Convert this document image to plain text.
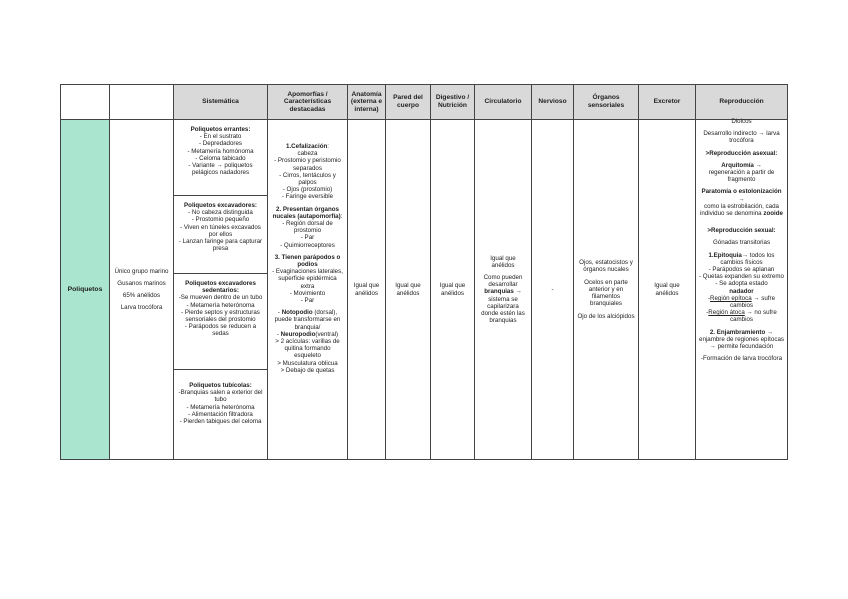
Sistemática
Apomorfías / Características destacadas
Anatomía (externa e interna)
Pared del cuerpo
Digestivo / Nutrición
Circulatorio	Nervioso
Órganos sensoriales
Excretor	Reproducción
Poliquetos

Único grupo marino

Gusanos marinos

65% anélidos

Larva trocófora

Poliquetos errantes:

- En el sustrato

- Depredadores

- Metamería homónoma

- Celoma tabicado

- Variante → poliquetos pelágicos nadadores

Poliquetos excavadores:

- No cabeza distinguida

- Prostomio pequeño

- Viven en túneles excavados por ellos

- Lanzan faringe para capturar presa

Poliquetos excavadores sedentarios:

-Se mueven dentro de un tubo

- Metamería heterónoma

- Pierde septos y estructuras sensoriales del prostomio

- Parápodos se reducen a sedas

Poliquetos tubícolas:

-Branquias salen a exterior del tubo

- Metamería heterónoma

- Alimentación filtradora

- Pierden tabiques del celoma

1.Cefalización:

cabeza

- Prostomio y peristomio separados

- Cirros, tentáculos y palpos

- Ojos (prostomio)

- Faringe eversible

2. Presentan órganos nucales (autapomorfía):

- Región dorsal de prostomio

- Par

- Quimiorreceptores

3. Tienen parápodos o podios

- Evaginaciones laterales, superficie epidérmica extra

- Movimiento

- Par

- Notopodio (dorsal), puede transformarse en branquia/

- Neuropodio(ventral)

> 2 acículas: varillas de quitina formando esqueleto

> Musculatura oblicua

> Debajo de quetas

Igual que anélidos

Igual que anélidos

Igual que anélidos

Igual que anélidos

Como pueden desarrollar branquias → sistema se capilarizara donde estén las branquias

-

Ojos, estatocistos y órganos nucales

Ocelos en parte anterior y en filamentos branquiales

Ojo de los alciópidos

Igual que anélidos

Dioicos

Desarrollo indirecto → larva trocófora

>Reproducción asexual:

Arquitomía →

regeneración a partir de fragmento

Paratomía o estolonización →

como la estrobilación, cada individuo se denomina zooide

>Reproducción sexual:

Gónadas transitorias

1.Epitoquia→ todos los cambios físicos

- Parápodos se aplanan

- Quetas expanden su extremo

- Se adopta estado

nadador

-Región epítoca → sufre cambios

-Región átoca → no sufre cambios

2. Enjambramiento →

enjambre de regiones epítocas → permite fecundación

-Formación de larva trocófora
